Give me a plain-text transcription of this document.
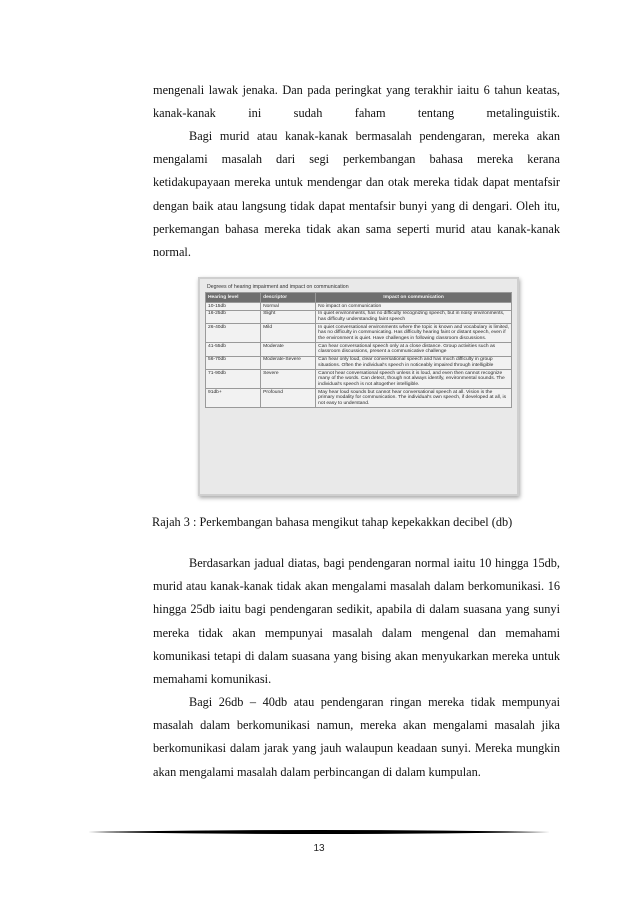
mengenali lawak jenaka. Dan pada peringkat yang terakhir iaitu 6 tahun keatas, kanak-kanak ini sudah faham tentang metalinguistik.

Bagi murid atau kanak-kanak bermasalah pendengaran, mereka akan mengalami masalah dari segi perkembangan bahasa mereka kerana ketidakupayaan mereka untuk mendengar dan otak mereka tidak dapat mentafsir dengan baik atau langsung tidak dapat mentafsir bunyi yang di dengari. Oleh itu, perkemangan bahasa mereka tidak akan sama seperti murid atau kanak-kanak normal.

Degrees of hearing impairment and impact on communication
Hearing level	descriptor	Impact on communication
10-15db	Normal	No impact on communication
16-25db	Slight	In quiet environments, has no difficulty recognizing speech, but in noisy environments, has difficulty understanding faint speech
26-40db	Mild	In quiet conversational environments where the topic is known and vocabulary is limited, has no difficulty in communicating. Has difficulty hearing faint or distant speech, even if the environment is quiet. Have challenges in following classroom discussions.
41-55db	Moderate	Can hear conversational speech only at a close distance. Group activities such as classroom discussions, present a communicative challenge
56-70db	Moderate-Severe	Can hear only loud, clear conversational speech and has much difficulty in group situations. Often the individual's speech in noticeably impaired through intelligible
71-90db	Severe	Cannot hear conversational speech unless it is loud, and even then cannot recognize many of the words. Can detect, though not always identify, environmental sounds. The individual's speech is not altogether intelligible.
91db+	Profound	May hear loud sounds but cannot hear conversational speech at all. Vision is the primary modality for communication. The individual's own speech, if developed at all, is not easy to understand.
Rajah 3 : Perkembangan bahasa mengikut tahap kepekakkan decibel (db)

Berdasarkan jadual diatas, bagi pendengaran normal iaitu 10 hingga 15db, murid atau kanak-kanak tidak akan mengalami masalah dalam berkomunikasi. 16 hingga 25db iaitu bagi pendengaran sedikit, apabila di dalam suasana yang sunyi mereka tidak akan mempunyai masalah dalam mengenal dan memahami komunikasi tetapi di dalam suasana yang bising akan menyukarkan mereka untuk memahami komunikasi.

Bagi 26db – 40db atau pendengaran ringan mereka tidak mempunyai masalah dalam berkomunikasi namun, mereka akan mengalami masalah jika berkomunikasi dalam jarak yang jauh walaupun keadaan sunyi. Mereka mungkin akan mengalami masalah dalam perbincangan di dalam kumpulan.

13
